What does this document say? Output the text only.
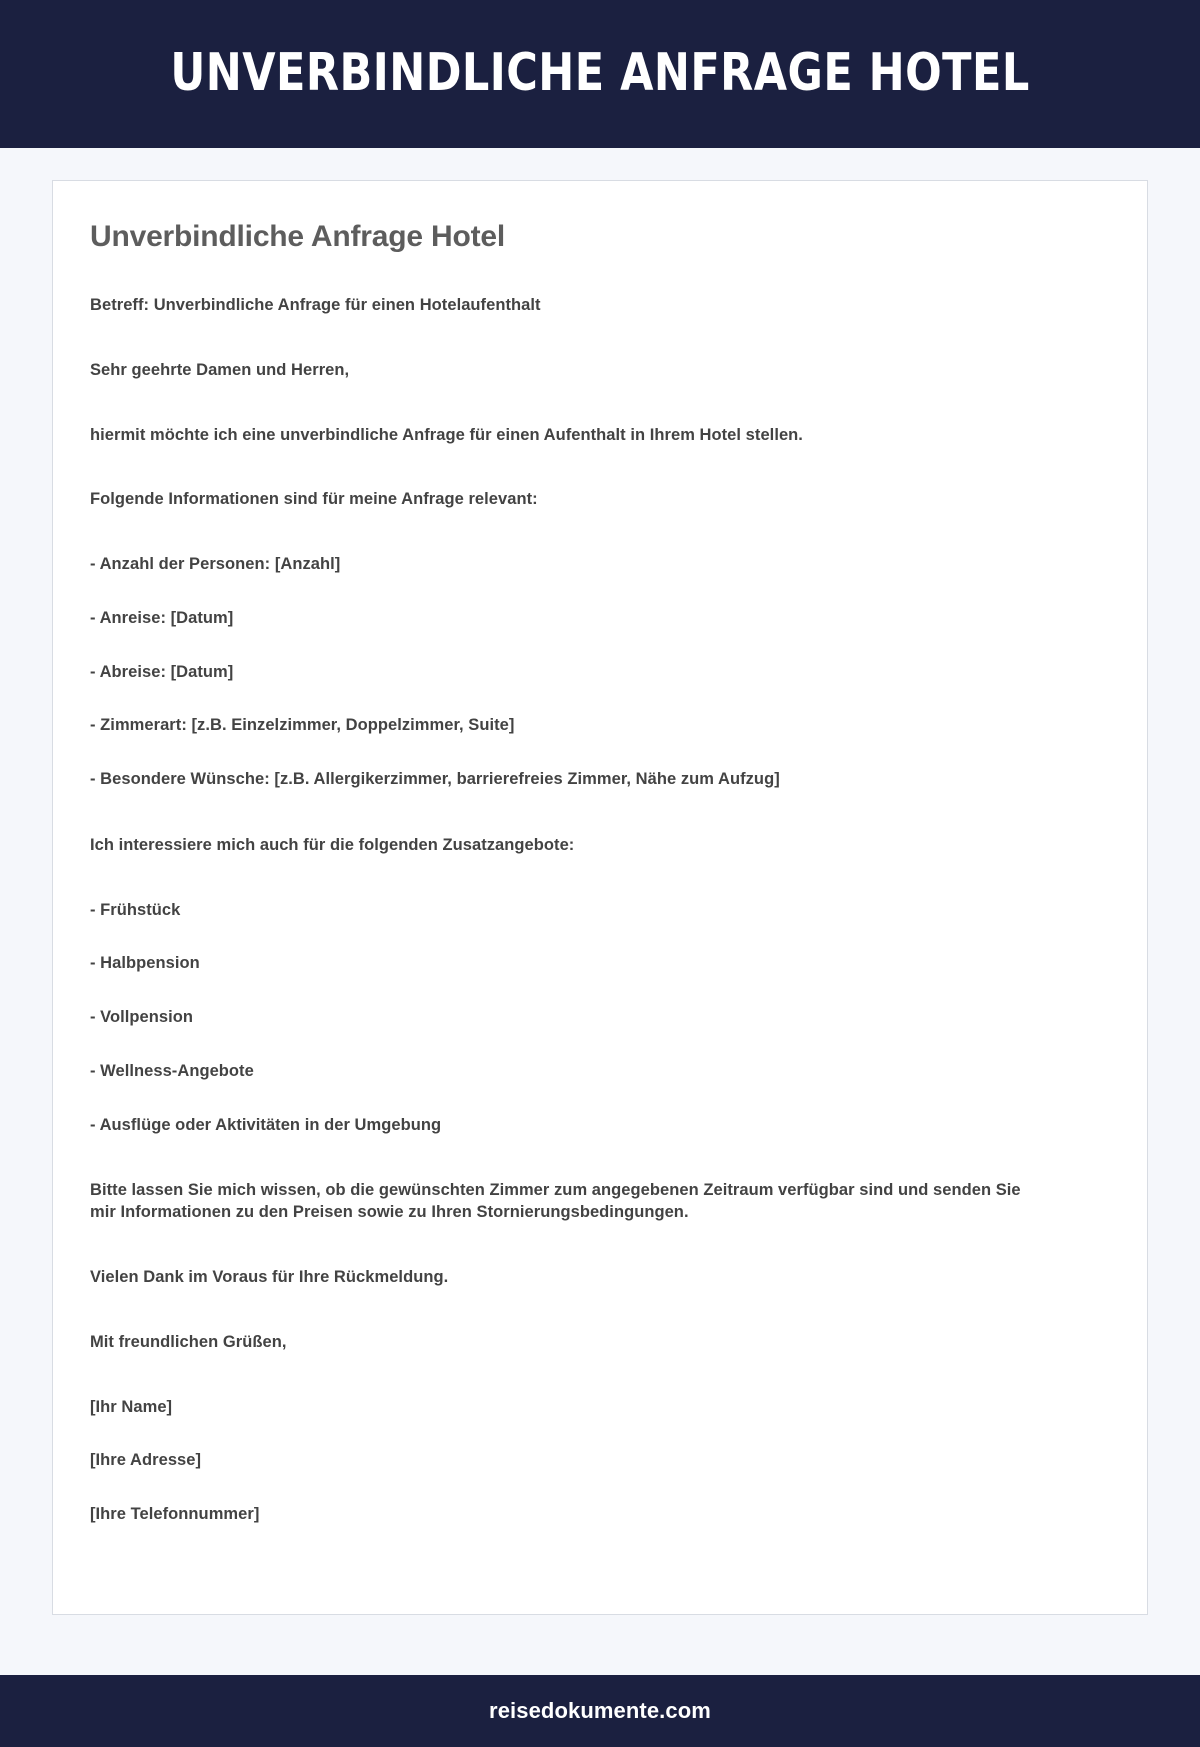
UNVERBINDLICHE ANFRAGE HOTEL
Unverbindliche Anfrage Hotel

Betreff: Unverbindliche Anfrage für einen Hotelaufenthalt

Sehr geehrte Damen und Herren,

hiermit möchte ich eine unverbindliche Anfrage für einen Aufenthalt in Ihrem Hotel stellen.

Folgende Informationen sind für meine Anfrage relevant:

- Anzahl der Personen: [Anzahl]

- Anreise: [Datum]

- Abreise: [Datum]

- Zimmerart: [z.B. Einzelzimmer, Doppelzimmer, Suite]

- Besondere Wünsche: [z.B. Allergikerzimmer, barrierefreies Zimmer, Nähe zum Aufzug]

Ich interessiere mich auch für die folgenden Zusatzangebote:

- Frühstück

- Halbpension

- Vollpension

- Wellness-Angebote

- Ausflüge oder Aktivitäten in der Umgebung

Bitte lassen Sie mich wissen, ob die gewünschten Zimmer zum angegebenen Zeitraum verfügbar sind und senden Sie mir Informationen zu den Preisen sowie zu Ihren Stornierungsbedingungen.

Vielen Dank im Voraus für Ihre Rückmeldung.

Mit freundlichen Grüßen,

[Ihr Name]

[Ihre Adresse]

[Ihre Telefonnummer]

reisedokumente.com
